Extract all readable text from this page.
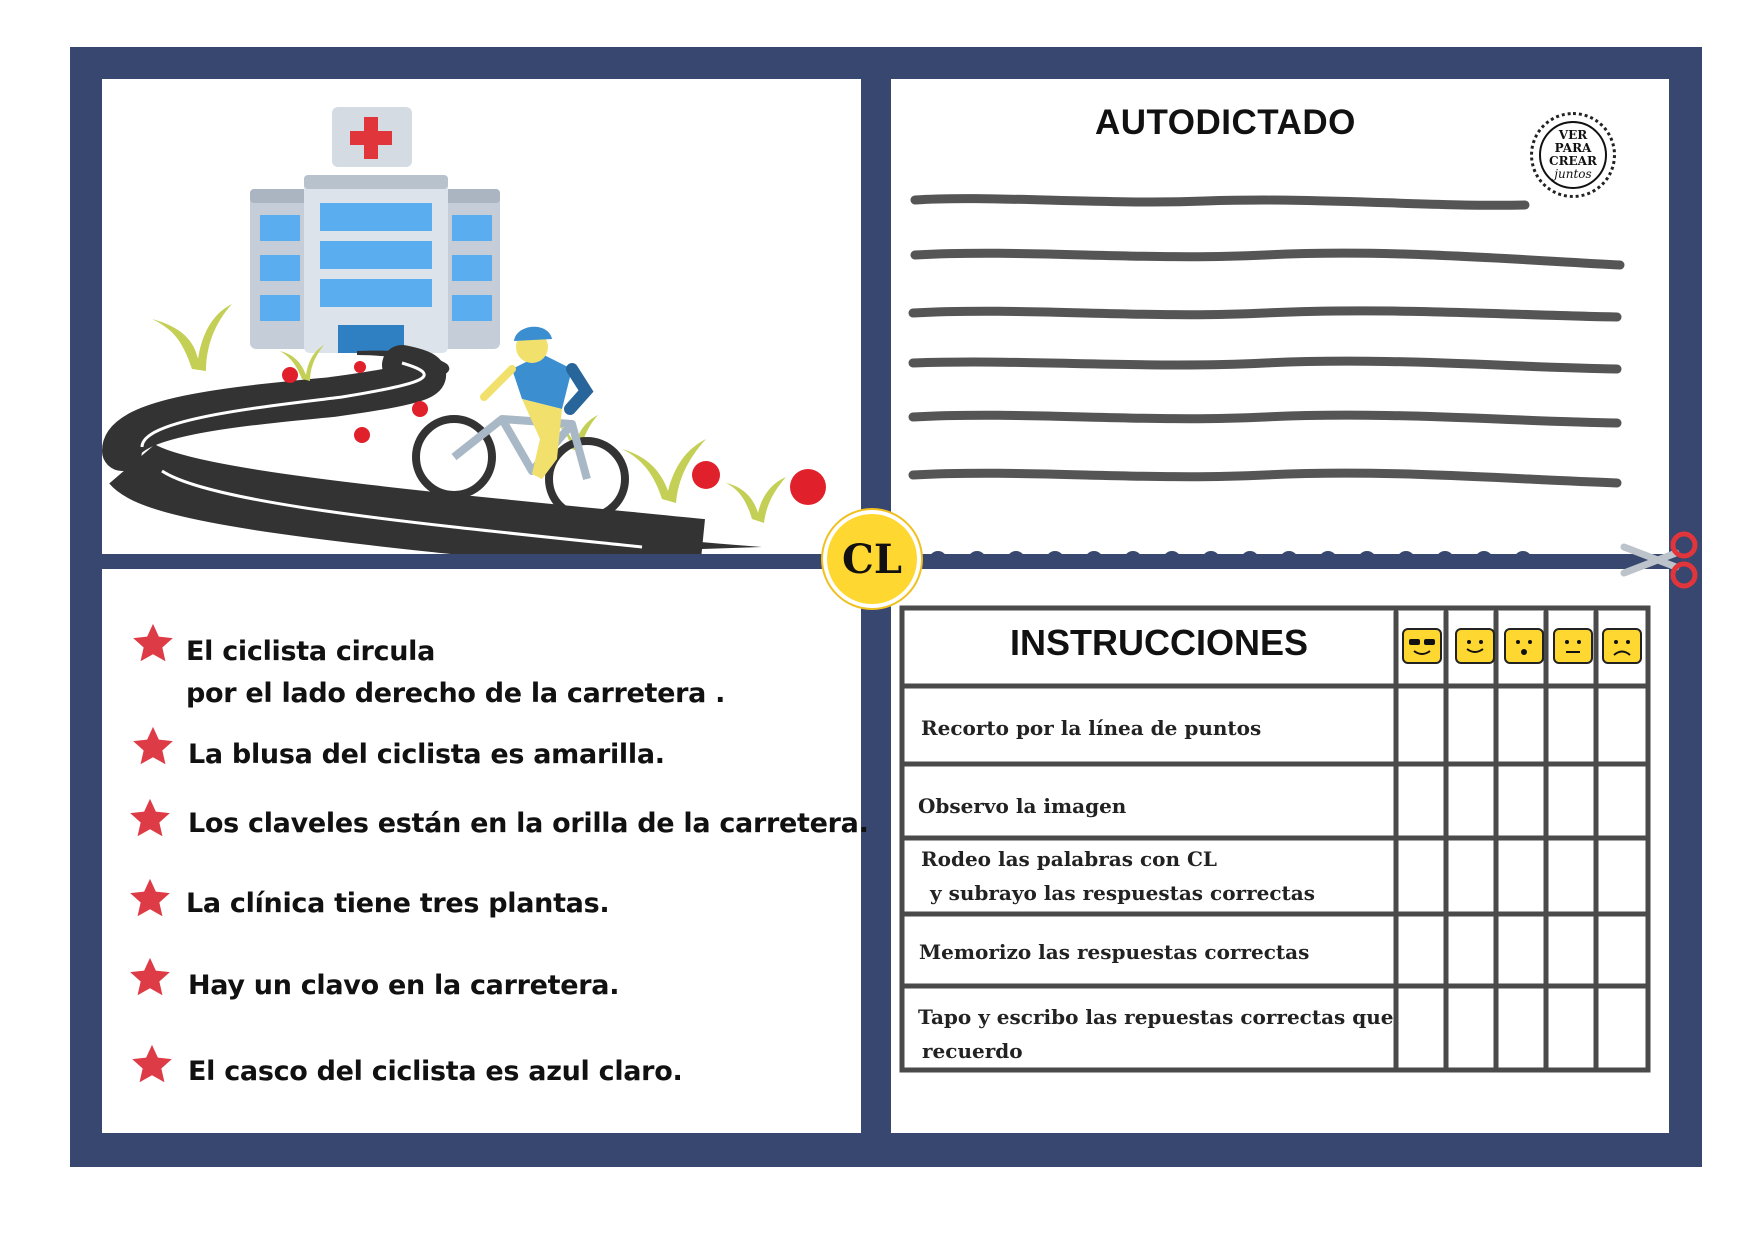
El ciclista circula
por el lado derecho de la carretera .
La blusa del ciclista es amarilla.
Los claveles están en la orilla de la carretera.
La clínica tiene tres plantas.
Hay un clavo en la carretera.
El casco del ciclista es azul claro.
AUTODICTADO	VER
PARA
CREAR
juntos
CL
INSTRUCCIONES
Recorto por la línea de puntos
Observo la imagen
Rodeo las palabras con CL
y subrayo las respuestas correctas
Memorizo las respuestas correctas
Tapo y escribo las repuestas correctas que
recuerdo
